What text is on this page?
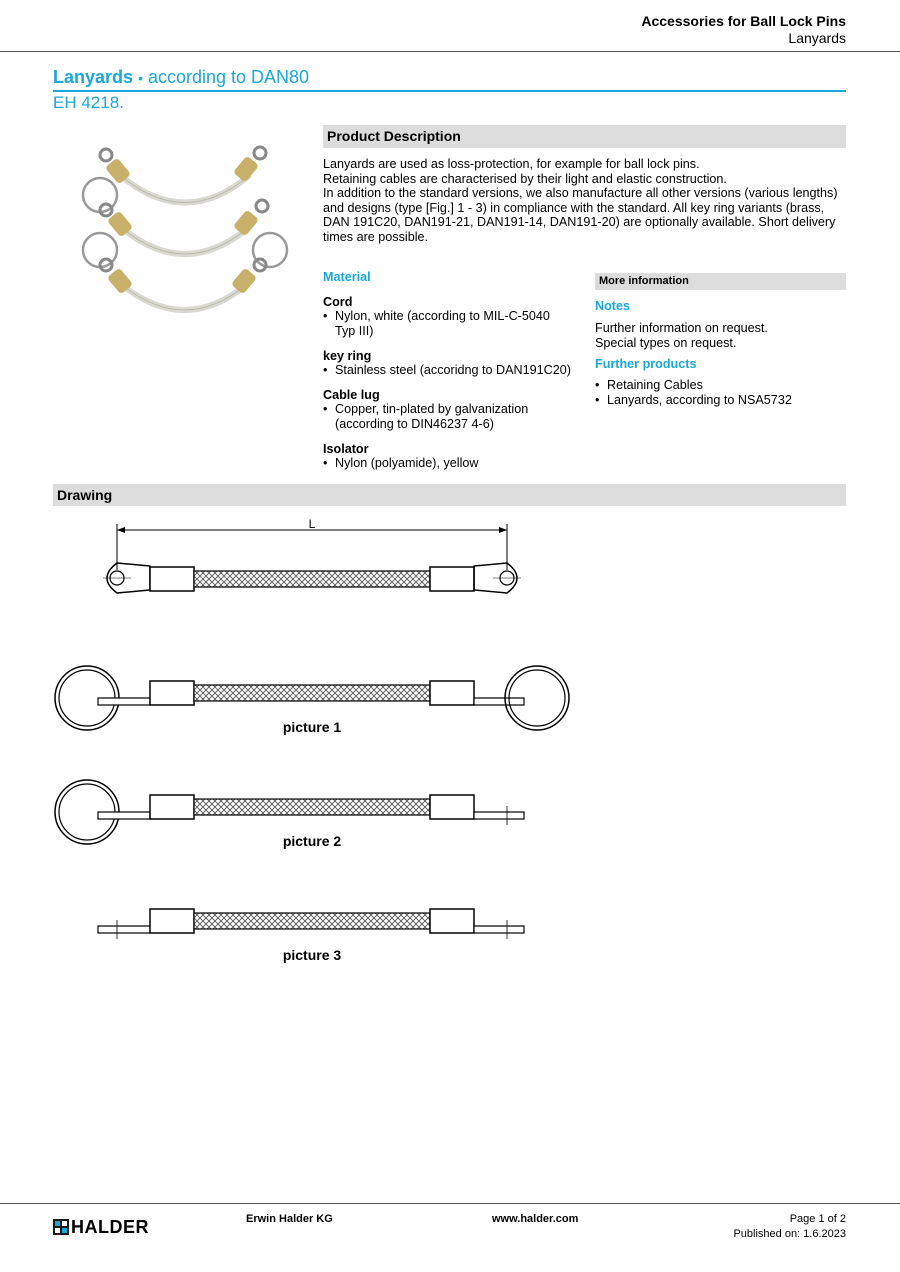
Accessories for Ball Lock Pins
Lanyards
Lanyards • according to DAN80
EH 4218.
Product Description

Lanyards are used as loss-protection, for example for ball lock pins.

Retaining cables are characterised by their light and elastic construction.

In addition to the standard versions, we also manufacture all other versions (various lengths) and designs (type [Fig.] 1 - 3) in compliance with the standard. All key ring variants (brass, DAN 191C20, DAN191-21, DAN191-14, DAN191-20) are optionally available. Short delivery times are possible.

Material
Cord
• Nylon, white (according to MIL-C-5040 Typ III)
key ring
• Stainless steel (accoridng to DAN191C20)
Cable lug
• Copper, tin-plated by galvanization (according to DIN46237 4-6)
Isolator
• Nylon (polyamide), yellow
More information
Notes
Further information on request.
Special types on request.
Further products
• Retaining Cables
• Lanyards, according to NSA5732
Drawing
L
picture 1
picture 2
picture 3
HALDER	Erwin Halder KG	www.halder.com	Page 1 of 2
Published on: 1.6.2023
